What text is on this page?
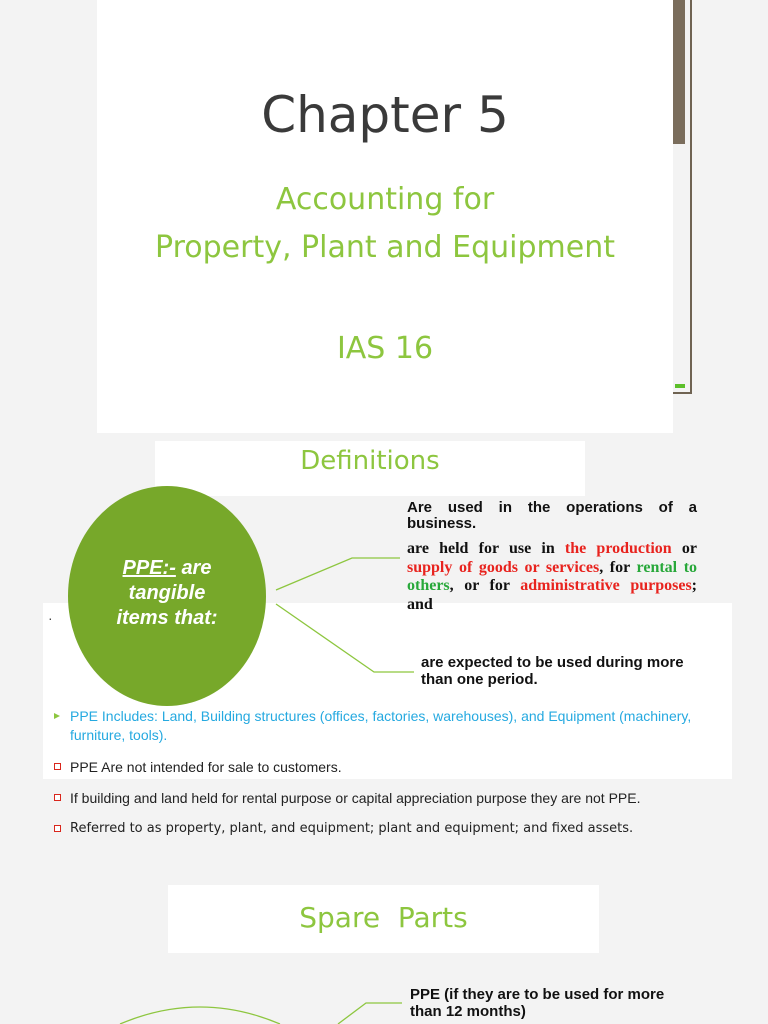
Chapter 5
Accounting for
Property, Plant and Equipment
IAS 16
Definitions
PPE:- are
tangible
items that:
Are used in the operations of a business.
are held for use in the production or supply of goods or services, for rental to others, or for administrative purposes; and
are expected to be used during more than one period.
·
PPE Includes: Land, Building structures (offices, factories, warehouses), and Equipment (machinery, furniture, tools).
PPE Are not intended for sale to customers.
If building and land held for rental purpose or capital appreciation purpose they are not PPE.
Referred to as property, plant, and equipment; plant and equipment; and fixed assets.
Spare  Parts
PPE (if they are to be used for more than 12 months)
